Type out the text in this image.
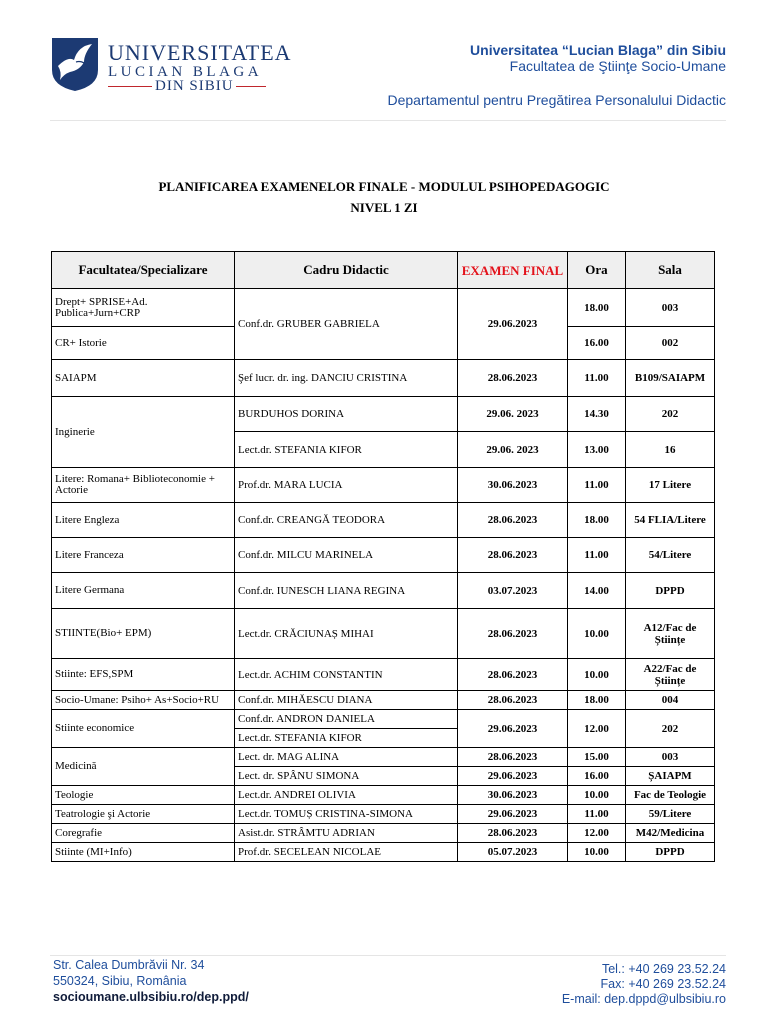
UNIVERSITATEA
LUCIAN BLAGA
DIN SIBIU
Universitatea “Lucian Blaga” din Sibiu
Facultatea de Ştiinţe Socio-Umane
Departamentul pentru Pregătirea Personalului Didactic
PLANIFICAREA EXAMENELOR FINALE - MODULUL PSIHOPEDAGOGIC
NIVEL 1 ZI
Facultatea/Specializare	Cadru Didactic	EXAMEN FINAL	Ora	Sala
Drept+ SPRISE+Ad. Publica+Jurn+CRP	Conf.dr. GRUBER GABRIELA	29.06.2023	18.00	003
CR+ Istorie			16.00	002
SAIAPM	Şef lucr. dr. ing. DANCIU CRISTINA	28.06.2023	11.00	B109/SAIAPM
Inginerie	BURDUHOS DORINA	29.06. 2023	14.30	202
	Lect.dr. STEFANIA KIFOR	29.06. 2023	13.00	16
Litere: Romana+ Biblioteconomie + Actorie	Prof.dr. MARA LUCIA	30.06.2023	11.00	17 Litere
Litere Engleza	Conf.dr. CREANGĂ TEODORA	28.06.2023	18.00	54 FLIA/Litere
Litere Franceza	Conf.dr. MILCU MARINELA	28.06.2023	11.00	54/Litere
Litere Germana	Conf.dr. IUNESCH LIANA REGINA	03.07.2023	14.00	DPPD
STIINTE(Bio+ EPM)	Lect.dr. CRĂCIUNAȘ MIHAI	28.06.2023	10.00	A12/Fac de Științe
Stiinte: EFS,SPM	Lect.dr. ACHIM CONSTANTIN	28.06.2023	10.00	A22/Fac de Științe
Socio-Umane: Psiho+ As+Socio+RU	Conf.dr. MIHĂESCU DIANA	28.06.2023	18.00	004
Stiinte economice	Conf.dr. ANDRON DANIELA	29.06.2023	12.00	202
	Lect.dr. STEFANIA KIFOR			
Medicină	Lect. dr. MAG ALINA	28.06.2023	15.00	003
	Lect. dr. SPÂNU SIMONA	29.06.2023	16.00	ȘAIAPM
Teologie	Lect.dr. ANDREI OLIVIA	30.06.2023	10.00	Fac de Teologie
Teatrologie şi Actorie	Lect.dr. TOMUȘ CRISTINA-SIMONA	29.06.2023	11.00	59/Litere
Coregrafie	Asist.dr. STRÂMTU ADRIAN	28.06.2023	12.00	M42/Medicina
Stiinte (MI+Info)	Prof.dr. SECELEAN NICOLAE	05.07.2023	10.00	DPPD
Str. Calea Dumbrăvii Nr. 34
550324, Sibiu, România
socioumane.ulbsibiu.ro/dep.ppd/
Tel.: +40 269 23.52.24
Fax: +40 269 23.52.24
E-mail: dep.dppd@ulbsibiu.ro
